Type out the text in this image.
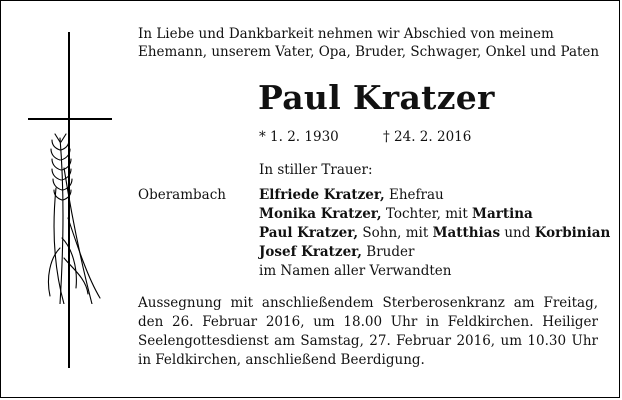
In Liebe und Dankbarkeit nehmen wir Abschied von meinem
Ehemann, unserem Vater, Opa, Bruder, Schwager, Onkel und Paten
Paul Kratzer
* 1. 2. 1930	† 24. 2. 2016
In stiller Trauer:
Oberambach Elfriede Kratzer, Ehefrau
Monika Kratzer, Tochter, mit Martina
Paul Kratzer, Sohn, mit Matthias und Korbinian
Josef Kratzer, Bruder
im Namen aller Verwandten
Aussegnung mit anschließendem Sterberosenkranz am Freitag,
den 26. Februar 2016, um 18.00 Uhr in Feldkirchen. Heiliger
Seelengottesdienst am Samstag, 27. Februar 2016, um 10.30 Uhr
in Feldkirchen, anschließend Beerdigung.
